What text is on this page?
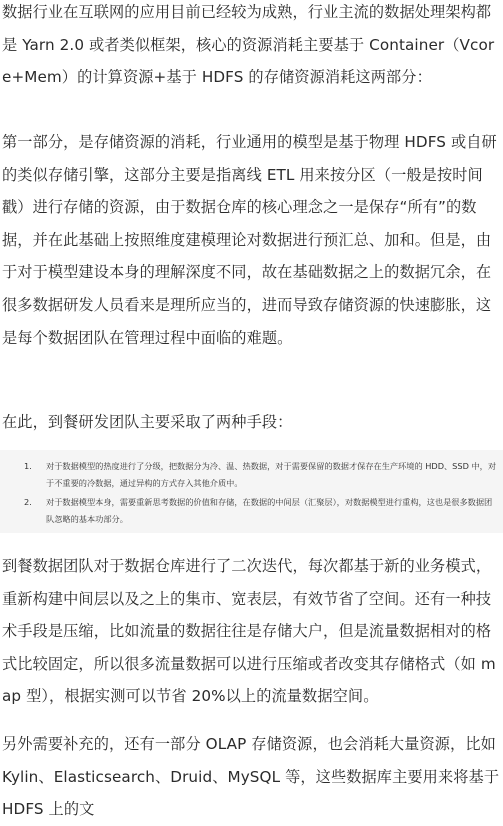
数据行业在互联网的应用目前已经较为成熟，行业主流的数据处理架构都是 Yarn 2.0 或者类似框架，核心的资源消耗主要基于 Container（Vcore+Mem）的计算资源+基于 HDFS 的存储资源消耗这两部分：

第一部分，是存储资源的消耗，行业通用的模型是基于物理 HDFS 或自研的类似存储引擎，这部分主要是指离线 ETL 用来按分区（一般是按时间戳）进行存储的资源，由于数据仓库的核心理念之一是保存“所有”的数据，并在此基础上按照维度建模理论对数据进行预汇总、加和。但是，由于对于模型建设本身的理解深度不同，故在基础数据之上的数据冗余，在很多数据研发人员看来是理所应当的，进而导致存储资源的快速膨胀，这是每个数据团队在管理过程中面临的难题。

在此，到餐研发团队主要采取了两种手段：

1. 对于数据模型的热度进行了分级，把数据分为冷、温、热数据，对于需要保留的数据才保存在生产环境的 HDD、SSD 中，对于不重要的冷数据，通过异构的方式存入其他介质中。
2. 对于数据模型本身，需要重新思考数据的价值和存储，在数据的中间层（汇聚层），对数据模型进行重构，这也是很多数据团队忽略的基本功部分。

到餐数据团队对于数据仓库进行了二次迭代，每次都基于新的业务模式，重新构建中间层以及之上的集市、宽表层，有效节省了空间。还有一种技术手段是压缩，比如流量的数据往往是存储大户，但是流量数据相对的格式比较固定，所以很多流量数据可以进行压缩或者改变其存储格式（如 map 型），根据实测可以节省 20%以上的流量数据空间。

另外需要补充的，还有一部分 OLAP 存储资源，也会消耗大量资源，比如 Kylin、Elasticsearch、Druid、MySQL 等，这些数据库主要用来将基于 HDFS 上的文
